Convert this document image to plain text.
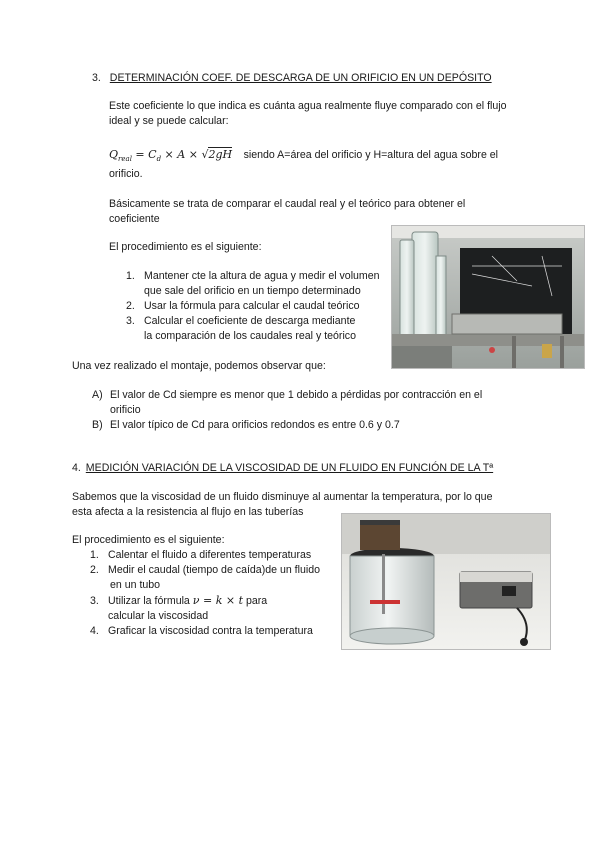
3. DETERMINACIÓN COEF. DE DESCARGA DE UN ORIFICIO EN UN DEPÓSITO
Este coeficiente lo que indica es cuánta agua realmente fluye comparado con el flujo
ideal y se puede calcular:
$Q_{real} = C_d \times A \times √2gH$ siendo A=área del orificio y H=altura del agua sobre el
orificio.
Básicamente se trata de comparar el caudal real y el teórico para obtener el
coeficiente
El procedimiento es el siguiente:
1. Mantener cte la altura de agua y medir el volumen
que sale del orificio en un tiempo determinado
2. Usar la fórmula para calcular el caudal teórico
3. Calcular el coeficiente de descarga mediante
la comparación de los caudales real y teórico
Una vez realizado el montaje, podemos observar que:
A) El valor de Cd siempre es menor que 1 debido a pérdidas por contracción en el
orificio
B) El valor típico de Cd para orificios redondos es entre 0.6 y 0.7
4. MEDICIÓN VARIACIÓN DE LA VISCOSIDAD DE UN FLUIDO EN FUNCIÓN DE LA Tª
Sabemos que la viscosidad de un fluido disminuye al aumentar la temperatura, por lo que
esta afecta a la resistencia al flujo en las tuberías
El procedimiento es el siguiente:
1. Calentar el fluido a diferentes temperaturas
2. Medir el caudal (tiempo de caída)de un fluido
en un tubo
3. Utilizar la fórmula ν = k × t para
calcular la viscosidad
4. Graficar la viscosidad contra la temperatura
